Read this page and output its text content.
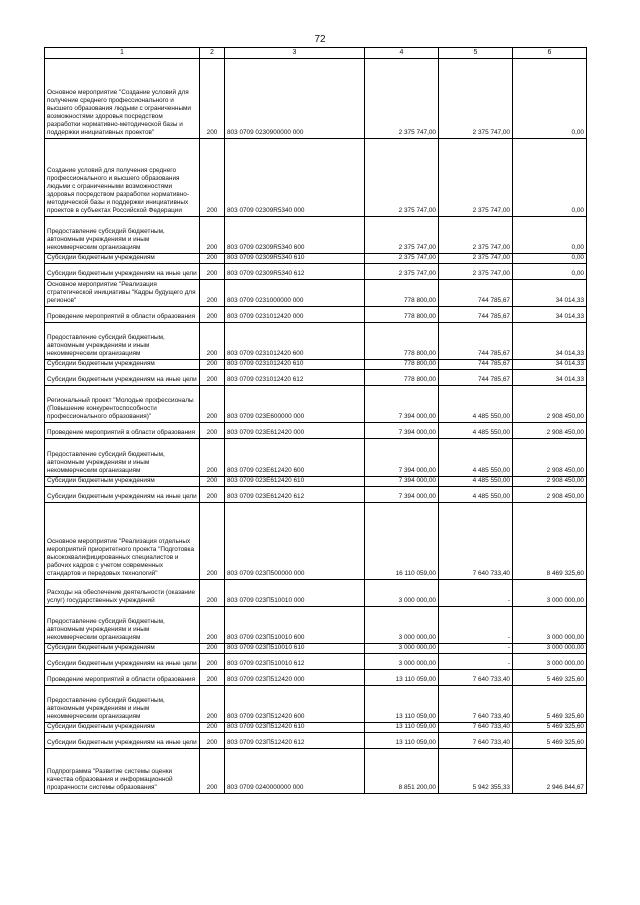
72
1	2	3	4	5	6
Основное мероприятие "Создание условий для получение среднего профессионального и высшего образования людьми с ограниченными возможностями здоровья посредством разработки нормативно-методической базы и поддержки инициативных проектов"	200	803 0709 0230900000 000	2 375 747,00	2 375 747,00	0,00
Создание условий для получения среднего профессионального и высшего образования людьми с ограниченными возможностями здоровья посредством разработки нормативно-методической базы и поддержки инициативных проектов в субъектах Российской Федерации	200	803 0709 02309R5340 000	2 375 747,00	2 375 747,00	0,00
Предоставление субсидий бюджетным, автономным учреждениям и иным некоммерческим организациям	200	803 0709 02309R5340 600	2 375 747,00	2 375 747,00	0,00
Субсидии бюджетным учреждениям	200	803 0709 02309R5340 610	2 375 747,00	2 375 747,00	0,00
Субсидии бюджетным учреждениям на иные цели	200	803 0709 02309R5340 612	2 375 747,00	2 375 747,00	0,00
Основное мероприятие "Реализация стратегической инициативы "Кадры будущего для регионов"	200	803 0709 0231000000 000	778 800,00	744 785,67	34 014,33
Проведение мероприятий в области образования	200	803 0709 0231012420 000	778 800,00	744 785,67	34 014,33
Предоставление субсидий бюджетным, автономным учреждениям и иным некоммерческим организациям	200	803 0709 0231012420 600	778 800,00	744 785,67	34 014,33
Субсидии бюджетным учреждениям	200	803 0709 0231012420 610	778 800,00	744 785,67	34 014,33
Субсидии бюджетным учреждениям на иные цели	200	803 0709 0231012420 612	778 800,00	744 785,67	34 014,33
Региональный проект "Молодые профессионалы (Повышение конкурентоспособности профессионального образования)"	200	803 0709 023E600000 000	7 394 000,00	4 485 550,00	2 908 450,00
Проведение мероприятий в области образования	200	803 0709 023E612420 000	7 394 000,00	4 485 550,00	2 908 450,00
Предоставление субсидий бюджетным, автономным учреждениям и иным некоммерческим организациям	200	803 0709 023E612420 600	7 394 000,00	4 485 550,00	2 908 450,00
Субсидии бюджетным учреждениям	200	803 0709 023E612420 610	7 394 000,00	4 485 550,00	2 908 450,00
Субсидии бюджетным учреждениям на иные цели	200	803 0709 023E612420 612	7 394 000,00	4 485 550,00	2 908 450,00
Основное мероприятие "Реализация отдельных мероприятий приоритетного проекта "Подготовка высококвалифицированных специалистов и рабочих кадров с учетом современных стандартов и передовых технологий"	200	803 0709 023П500000 000	16 110 059,00	7 640 733,40	8 469 325,60
Расходы на обеспечение деятельности (оказание услуг) государственных учреждений	200	803 0709 023П510010 000	3 000 000,00	-	3 000 000,00
Предоставление субсидий бюджетным, автономным учреждениям и иным некоммерческим организациям	200	803 0709 023П510010 600	3 000 000,00	-	3 000 000,00
Субсидии бюджетным учреждениям	200	803 0709 023П510010 610	3 000 000,00	-	3 000 000,00
Субсидии бюджетным учреждениям на иные цели	200	803 0709 023П510010 612	3 000 000,00	-	3 000 000,00
Проведение мероприятий в области образования	200	803 0709 023П512420 000	13 110 059,00	7 640 733,40	5 469 325,60
Предоставление субсидий бюджетным, автономным учреждениям и иным некоммерческим организациям	200	803 0709 023П512420 600	13 110 059,00	7 640 733,40	5 469 325,60
Субсидии бюджетным учреждениям	200	803 0709 023П512420 610	13 110 059,00	7 640 733,40	5 469 325,60
Субсидии бюджетным учреждениям на иные цели	200	803 0709 023П512420 612	13 110 059,00	7 640 733,40	5 469 325,60
Подпрограмма "Развитие системы оценки качества образования и информационной прозрачности системы образования"	200	803 0709 0240000000 000	8 851 200,00	5 942 355,33	2 946 844,67
